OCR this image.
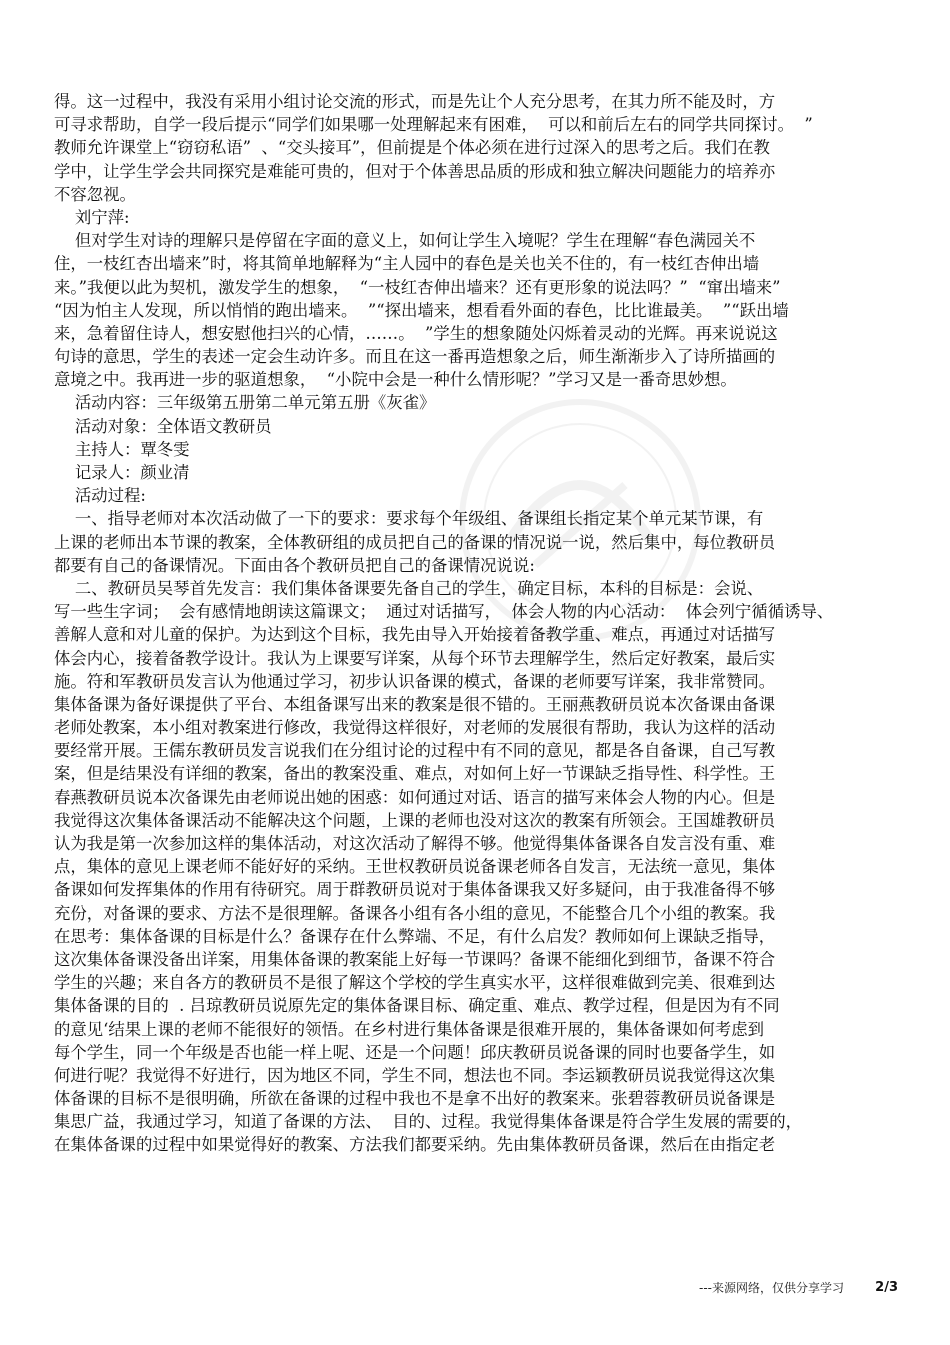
得。这一过程中，我没有采用小组讨论交流的形式，而是先让个人充分思考，在其力所不能及时，方
可寻求帮助，自学一段后提示“同学们如果哪一处理解起来有困难，  可以和前后左右的同学共同探讨。  ”
教师允许课堂上“窃窃私语”  、“交头接耳”，但前提是个体必须在进行过深入的思考之后。我们在教
学中，让学生学会共同探究是难能可贵的，但对于个体善思品质的形成和独立解决问题能力的培养亦
不容忽视。
刘宁萍:
但对学生对诗的理解只是停留在字面的意义上，如何让学生入境呢？学生在理解“春色满园关不
住，一枝红杏出墙来”时，将其简单地解释为“主人园中的春色是关也关不住的，有一枝红杏伸出墙
来。”我便以此为契机，激发学生的想象，  “一枝红杏伸出墙来？还有更形象的说法吗？”  “窜出墙来”
“因为怕主人发现，所以悄悄的跑出墙来。  ”“探出墙来，想看看外面的春色，比比谁最美。  ”“跃出墙
来，急着留住诗人，想安慰他扫兴的心情，……。  ”学生的想象随处闪烁着灵动的光辉。再来说说这
句诗的意思，学生的表述一定会生动许多。而且在这一番再造想象之后，师生渐渐步入了诗所描画的
意境之中。我再进一步的驱道想象，  “小院中会是一种什么情形呢？”学习又是一番奇思妙想。
活动内容：三年级第五册第二单元第五册《灰雀》
活动对象：全体语文教研员
主持人：覃冬雯
记录人：颜业清
活动过程:
一、指导老师对本次活动做了一下的要求：要求每个年级组、备课组长指定某个单元某节课，有
上课的老师出本节课的教案，全体教研组的成员把自己的备课的情况说一说，然后集中，每位教研员
都要有自己的备课情况。下面由各个教研员把自己的备课情况说说:
二、教研员吴琴首先发言：我们集体备课要先备自己的学生，确定目标，本科的目标是：会说、
写一些生字词；  会有感情地朗读这篇课文；  通过对话描写，  体会人物的内心活动：  体会列宁循循诱导、
善解人意和对儿童的保护。为达到这个目标，我先由导入开始接着备教学重、难点，再通过对话描写
体会内心，接着备教学设计。我认为上课要写详案，从每个环节去理解学生，然后定好教案，最后实
施。符和军教研员发言认为他通过学习，初步认识备课的模式，备课的老师要写详案，我非常赞同。
集体备课为备好课提供了平台、本组备课写出来的教案是很不错的。王丽燕教研员说本次备课由备课
老师处教案，本小组对教案进行修改，我觉得这样很好，对老师的发展很有帮助，我认为这样的活动
要经常开展。王儒东教研员发言说我们在分组讨论的过程中有不同的意见，都是各自备课，自己写教
案，但是结果没有详细的教案，备出的教案没重、难点，对如何上好一节课缺乏指导性、科学性。王
春燕教研员说本次备课先由老师说出她的困惑：如何通过对话、语言的描写来体会人物的内心。但是
我觉得这次集体备课活动不能解决这个问题，上课的老师也没对这次的教案有所领会。王国雄教研员
认为我是第一次参加这样的集体活动，对这次活动了解得不够。他觉得集体备课各自发言没有重、难
点，集体的意见上课老师不能好好的采纳。王世权教研员说备课老师各自发言，无法统一意见，集体
备课如何发挥集体的作用有待研究。周于群教研员说对于集体备课我又好多疑问，由于我准备得不够
充份，对备课的要求、方法不是很理解。备课各小组有各小组的意见，不能整合几个小组的教案。我
在思考：集体备课的目标是什么？备课存在什么弊端、不足，有什么启发？教师如何上课缺乏指导，
这次集体备课没备出详案，用集体备课的教案能上好每一节课吗？备课不能细化到细节，备课不符合
学生的兴趣；来自各方的教研员不是很了解这个学校的学生真实水平，这样很难做到完美、很难到达
集体备课的目的  . 吕琼教研员说原先定的集体备课目标、确定重、难点、教学过程，但是因为有不同
的意见‘结果上课的老师不能很好的领悟。在乡村进行集体备课是很难开展的，集体备课如何考虑到
每个学生，同一个年级是否也能一样上呢、还是一个问题！邱庆教研员说备课的同时也要备学生，如
何进行呢？我觉得不好进行，因为地区不同，学生不同，想法也不同。李运颖教研员说我觉得这次集
体备课的目标不是很明确，所欲在备课的过程中我也不是拿不出好的教案来。张碧蓉教研员说备课是
集思广益，我通过学习，知道了备课的方法、  目的、过程。我觉得集体备课是符合学生发展的需要的，
在集体备课的过程中如果觉得好的教案、方法我们都要采纳。先由集体教研员备课，然后在由指定老
---来源网络，仅供分享学习 2/3
